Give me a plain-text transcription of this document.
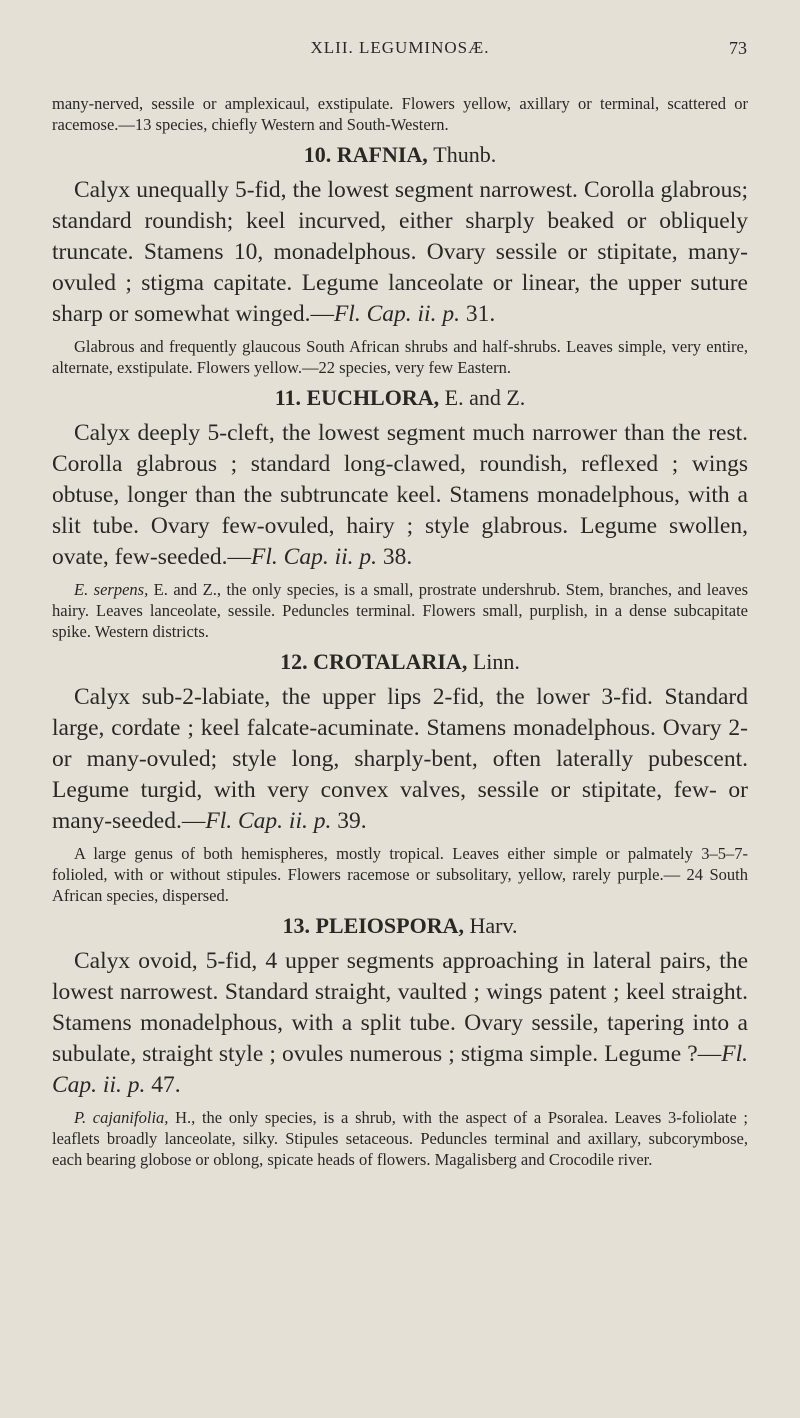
XLII. LEGUMINOSÆ.	73

many-nerved, sessile or amplexicaul, exstipulate. Flowers yellow, axillary or terminal, scattered or racemose.—13 species, chiefly Western and South-Western.

10. RAFNIA, Thunb.

Calyx unequally 5-fid, the lowest segment narrowest. Corolla glabrous; standard roundish; keel incurved, either sharply beaked or obliquely truncate. Stamens 10, monadelphous. Ovary sessile or stipitate, many-ovuled ; stigma capitate. Legume lanceolate or linear, the upper suture sharp or somewhat winged.—Fl. Cap. ii. p. 31.

Glabrous and frequently glaucous South African shrubs and half-shrubs. Leaves simple, very entire, alternate, exstipulate. Flowers yellow.—22 species, very few Eastern.

11. EUCHLORA, E. and Z.

Calyx deeply 5-cleft, the lowest segment much narrower than the rest. Corolla glabrous ; standard long-clawed, roundish, reflexed ; wings obtuse, longer than the subtruncate keel. Stamens monadelphous, with a slit tube. Ovary few-ovuled, hairy ; style glabrous. Legume swollen, ovate, few-seeded.—Fl. Cap. ii. p. 38.

E. serpens, E. and Z., the only species, is a small, prostrate undershrub. Stem, branches, and leaves hairy. Leaves lanceolate, sessile. Peduncles terminal. Flowers small, purplish, in a dense subcapitate spike. Western districts.

12. CROTALARIA, Linn.

Calyx sub-2-labiate, the upper lips 2-fid, the lower 3-fid. Standard large, cordate ; keel falcate-acuminate. Stamens monadelphous. Ovary 2- or many-ovuled; style long, sharply-bent, often laterally pubescent. Legume turgid, with very convex valves, sessile or stipitate, few- or many-seeded.—Fl. Cap. ii. p. 39.

A large genus of both hemispheres, mostly tropical. Leaves either simple or palmately 3–5–7-folioled, with or without stipules. Flowers racemose or subsolitary, yellow, rarely purple.— 24 South African species, dispersed.

13. PLEIOSPORA, Harv.

Calyx ovoid, 5-fid, 4 upper segments approaching in lateral pairs, the lowest narrowest. Standard straight, vaulted ; wings patent ; keel straight. Stamens monadelphous, with a split tube. Ovary sessile, tapering into a subulate, straight style ; ovules numerous ; stigma simple. Legume ?—Fl. Cap. ii. p. 47.

P. cajanifolia, H., the only species, is a shrub, with the aspect of a Psoralea. Leaves 3-foliolate ; leaflets broadly lanceolate, silky. Stipules setaceous. Peduncles terminal and axillary, subcorymbose, each bearing globose or oblong, spicate heads of flowers. Magalisberg and Crocodile river.
